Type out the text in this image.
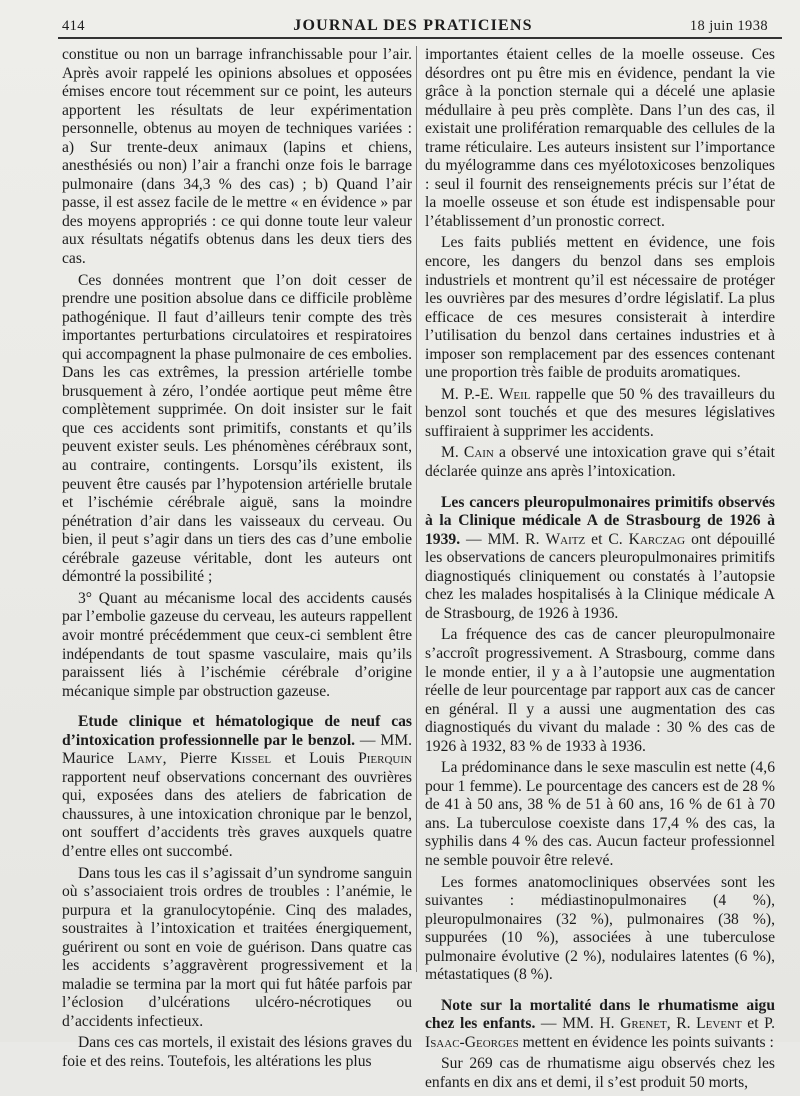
414	JOURNAL DES PRATICIENS	18 juin 1938

constitue ou non un barrage infranchissable pour l’air. Après avoir rappelé les opinions absolues et opposées émises encore tout récemment sur ce point, les auteurs apportent les résultats de leur expérimentation personnelle, obtenus au moyen de techniques variées : a) Sur trente-deux animaux (lapins et chiens, anesthésiés ou non) l’air a franchi onze fois le barrage pulmonaire (dans 34,3 % des cas) ; b) Quand l’air passe, il est assez facile de le mettre « en évidence » par des moyens appropriés : ce qui donne toute leur valeur aux résultats négatifs obtenus dans les deux tiers des cas.

Ces données montrent que l’on doit cesser de prendre une position absolue dans ce difficile problème pathogénique. Il faut d’ailleurs tenir compte des très importantes perturbations circulatoires et respiratoires qui accompagnent la phase pulmonaire de ces embolies. Dans les cas extrêmes, la pression artérielle tombe brusquement à zéro, l’ondée aortique peut même être complètement supprimée. On doit insister sur le fait que ces accidents sont primitifs, constants et qu’ils peuvent exister seuls. Les phénomènes cérébraux sont, au contraire, contingents. Lorsqu’ils existent, ils peuvent être causés par l’hypotension artérielle brutale et l’ischémie cérébrale aiguë, sans la moindre pénétration d’air dans les vaisseaux du cerveau. Ou bien, il peut s’agir dans un tiers des cas d’une embolie cérébrale gazeuse véritable, dont les auteurs ont démontré la possibilité ;

3° Quant au mécanisme local des accidents causés par l’embolie gazeuse du cerveau, les auteurs rappellent avoir montré précédemment que ceux-ci semblent être indépendants de tout spasme vasculaire, mais qu’ils paraissent liés à l’ischémie cérébrale d’origine mécanique simple par obstruction gazeuse.

Etude clinique et hématologique de neuf cas d’intoxication professionnelle par le benzol. — MM. Maurice Lamy, Pierre Kissel et Louis Pierquin rapportent neuf observations concernant des ouvrières qui, exposées dans des ateliers de fabrication de chaussures, à une intoxication chronique par le benzol, ont souffert d’accidents très graves auxquels quatre d’entre elles ont succombé.

Dans tous les cas il s’agissait d’un syndrome sanguin où s’associaient trois ordres de troubles : l’anémie, le purpura et la granulocytopénie. Cinq des malades, soustraites à l’intoxication et traitées énergiquement, guérirent ou sont en voie de guérison. Dans quatre cas les accidents s’aggravèrent progressivement et la maladie se termina par la mort qui fut hâtée parfois par l’éclosion d’ulcérations ulcéro-nécrotiques ou d’accidents infectieux.

Dans ces cas mortels, il existait des lésions graves du foie et des reins. Toutefois, les altérations les plus

importantes étaient celles de la moelle osseuse. Ces désordres ont pu être mis en évidence, pendant la vie grâce à la ponction sternale qui a décelé une aplasie médullaire à peu près complète. Dans l’un des cas, il existait une prolifération remarquable des cellules de la trame réticulaire. Les auteurs insistent sur l’importance du myélogramme dans ces myélotoxicoses benzoliques : seul il fournit des renseignements précis sur l’état de la moelle osseuse et son étude est indispensable pour l’établissement d’un pronostic correct.

Les faits publiés mettent en évidence, une fois encore, les dangers du benzol dans ses emplois industriels et montrent qu’il est nécessaire de protéger les ouvrières par des mesures d’ordre législatif. La plus efficace de ces mesures consisterait à interdire l’utilisation du benzol dans certaines industries et à imposer son remplacement par des essences contenant une proportion très faible de produits aromatiques.

M. P.-E. Weil rappelle que 50 % des travailleurs du benzol sont touchés et que des mesures législatives suffiraient à supprimer les accidents.

M. Cain a observé une intoxication grave qui s’était déclarée quinze ans après l’intoxication.

Les cancers pleuropulmonaires primitifs observés à la Clinique médicale A de Strasbourg de 1926 à 1939. — MM. R. Waitz et C. Karczag ont dépouillé les observations de cancers pleuropulmonaires primitifs diagnostiqués cliniquement ou constatés à l’autopsie chez les malades hospitalisés à la Clinique médicale A de Strasbourg, de 1926 à 1936.

La fréquence des cas de cancer pleuropulmonaire s’accroît progressivement. A Strasbourg, comme dans le monde entier, il y a à l’autopsie une augmentation réelle de leur pourcentage par rapport aux cas de cancer en général. Il y a aussi une augmentation des cas diagnostiqués du vivant du malade : 30 % des cas de 1926 à 1932, 83 % de 1933 à 1936.

La prédominance dans le sexe masculin est nette (4,6 pour 1 femme). Le pourcentage des cancers est de 28 % de 41 à 50 ans, 38 % de 51 à 60 ans, 16 % de 61 à 70 ans. La tuberculose coexiste dans 17,4 % des cas, la syphilis dans 4 % des cas. Aucun facteur professionnel ne semble pouvoir être relevé.

Les formes anatomocliniques observées sont les suivantes : médiastinopulmonaires (4 %), pleuropulmonaires (32 %), pulmonaires (38 %), suppurées (10 %), associées à une tuberculose pulmonaire évolutive (2 %), nodulaires latentes (6 %), métastatiques (8 %).

Note sur la mortalité dans le rhumatisme aigu chez les enfants. — MM. H. Grenet, R. Levent et P. Isaac-Georges mettent en évidence les points suivants :

Sur 269 cas de rhumatisme aigu observés chez les enfants en dix ans et demi, il s’est produit 50 morts,
